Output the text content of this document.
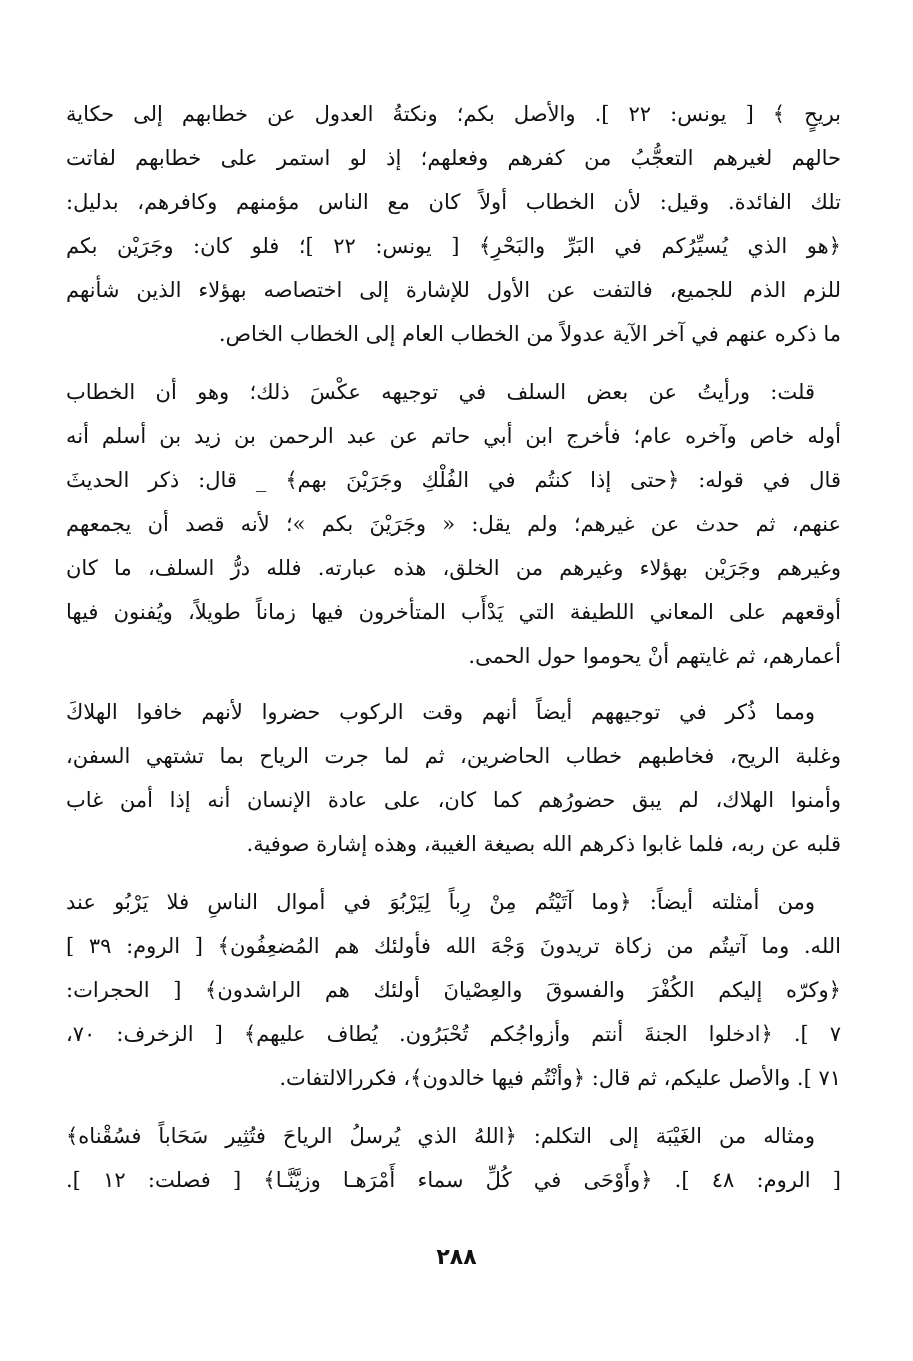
بريحٍ ﴾ [ يونس: ٢٢ ]. والأصل بكم؛ ونكتةُ العدول عن خطابهم إلى حكاية
حالهم لغيرهم التعجُّبُ من كفرهم وفعلهم؛ إذ لو استمر على خطابهم لفاتت
تلك الفائدة. وقيل: لأن الخطاب أولاً كان مع الناس مؤمنهم وكافرهم، بدليل:
﴿هو الذي يُسيِّرُكم في البَرِّ والبَحْرِ﴾ [ يونس: ٢٢ ]؛ فلو كان: وجَرَيْن بكم
للزم الذم للجميع، فالتفت عن الأول للإشارة إلى اختصاصه بهؤلاء الذين شأنهم
ما ذكره عنهم في آخر الآية عدولاً من الخطاب العام إلى الخطاب الخاص.
قلت: ورأيتُ عن بعض السلف في توجيهه عكْسَ ذلك؛ وهو أن الخطاب
أوله خاص وآخره عام؛ فأخرج ابن أبي حاتم عن عبد الرحمن بن زيد بن أسلم أنه
قال في قوله: ﴿حتى إذا كنتُم في الفُلْكِ وجَرَيْنَ بهم﴾ _ قال: ذكر الحديثَ
عنهم، ثم حدث عن غيرهم؛ ولم يقل: « وجَرَيْنَ بكم »؛ لأنه قصد أن يجمعهم
وغيرهم وجَرَيْن بهؤلاء وغيرهم من الخلق، هذه عبارته. فلله درُّ السلف، ما كان
أوقعهم على المعاني اللطيفة التي يَدْأَب المتأخرون فيها زماناً طويلاً، ويُفنون فيها
أعمارهم، ثم غايتهم أنْ يحوموا حول الحمى.
ومما ذُكر في توجيههم أيضاً أنهم وقت الركوب حضروا لأنهم خافوا الهلاكَ
وغلبة الريح، فخاطبهم خطاب الحاضرين، ثم لما جرت الرياح بما تشتهي السفن،
وأمنوا الهلاك، لم يبق حضورُهم كما كان، على عادة الإنسان أنه إذا أمن غاب
قلبه عن ربه، فلما غابوا ذكرهم الله بصيغة الغيبة، وهذه إشارة صوفية.
ومن أمثلته أيضاً: ﴿وما آتَيْتُم مِنْ رِباً لِيَرْبُوَ في أموال الناسِ فلا يَرْبُو عند
الله. وما آتيتُم من زكاة تريدونَ وَجْهَ الله فأولئك هم المُضعِفُون﴾ [ الروم: ٣٩ ]
﴿وكرّه إليكم الكُفْرَ والفسوقَ والعِصْيانَ أولئك هم الراشدون﴾ [ الحجرات:
٧ ]. ﴿ادخلوا الجنةَ أنتم وأزواجُكم تُحْبَرُون. يُطاف عليهم﴾ [ الزخرف: ٧٠،
٧١ ]. والأصل عليكم، ثم قال: ﴿وأنْتُم فيها خالدون﴾، فكررالالتفات.
ومثاله من الغَيْبَة إلى التكلم: ﴿اللهُ الذي يُرسلُ الرياحَ فتُثِير سَحَاباً فسُقْناه﴾
[ الروم: ٤٨ ]. ﴿وأَوْحَى في كُلِّ سماء أَمْرَهـا وزيَّنَّـا﴾ [ فصلت: ١٢ ].
٢٨٨
